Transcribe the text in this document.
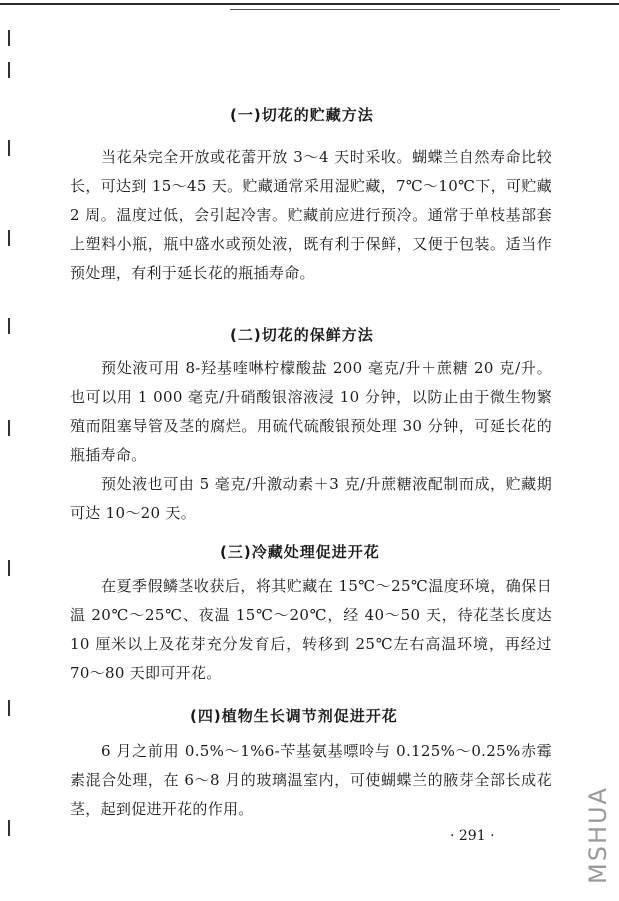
(一)切花的贮藏方法
当花朵完全开放或花蕾开放 3～4 天时采收。蝴蝶兰自然寿命比较长，可达到 15～45 天。贮藏通常采用湿贮藏，7℃～10℃下，可贮藏 2 周。温度过低，会引起冷害。贮藏前应进行预冷。通常于单枝基部套上塑料小瓶，瓶中盛水或预处液，既有利于保鲜，又便于包装。适当作预处理，有利于延长花的瓶插寿命。
(二)切花的保鲜方法
预处液可用 8-羟基喹啉柠檬酸盐 200 毫克/升＋蔗糖 20 克/升。也可以用 1 000 毫克/升硝酸银溶液浸 10 分钟，以防止由于微生物繁殖而阻塞导管及茎的腐烂。用硫代硫酸银预处理 30 分钟，可延长花的瓶插寿命。
预处液也可由 5 毫克/升激动素＋3 克/升蔗糖液配制而成，贮藏期可达 10～20 天。
(三)冷藏处理促进开花
在夏季假鳞茎收获后，将其贮藏在 15℃～25℃温度环境，确保日温 20℃～25℃、夜温 15℃～20℃，经 40～50 天，待花茎长度达 10 厘米以上及花芽充分发育后，转移到 25℃左右高温环境，再经过 70～80 天即可开花。
(四)植物生长调节剂促进开花
6 月之前用 0.5%～1%6-苄基氨基嘌呤与 0.125%～0.25%赤霉素混合处理，在 6～8 月的玻璃温室内，可使蝴蝶兰的腋芽全部长成花茎，起到促进开花的作用。
· 291 ·	MSHUA
